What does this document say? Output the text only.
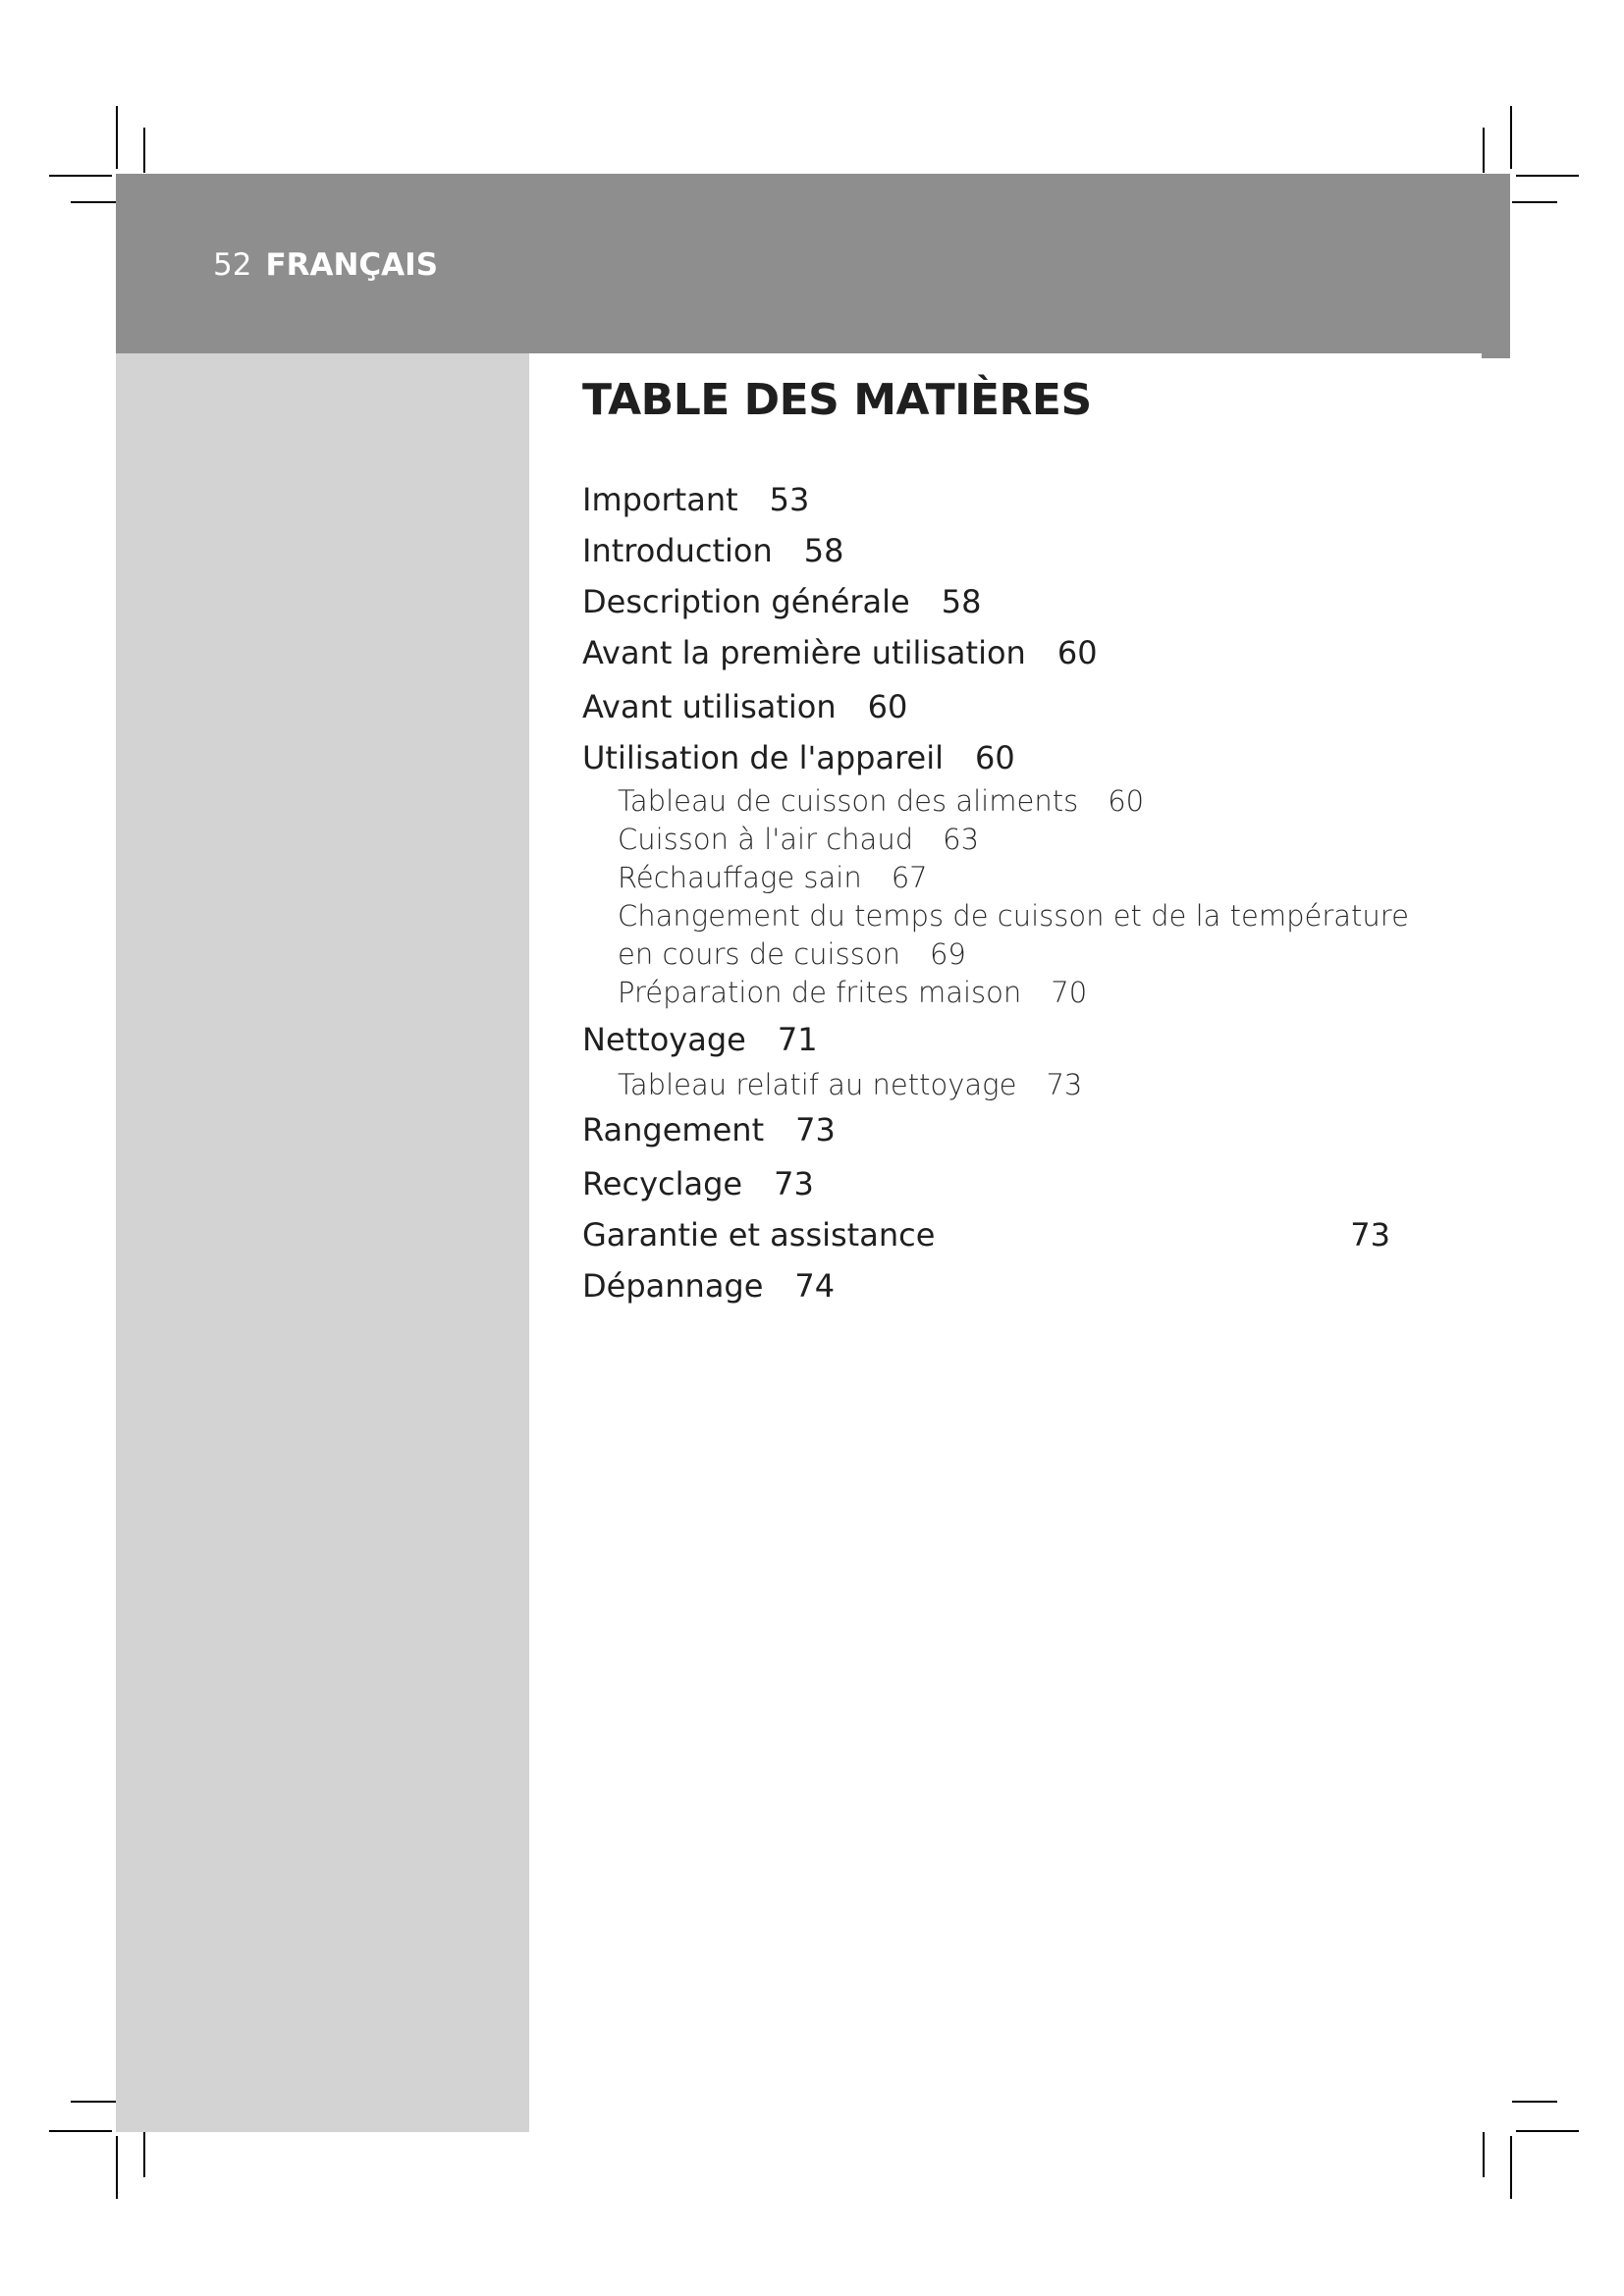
52 FRANÇAIS
TABLE DES MATIÈRES
Important 53
Introduction 58
Description générale 58
Avant la première utilisation 60
Avant utilisation 60
Utilisation de l'appareil 60
Tableau de cuisson des aliments 60
Cuisson à l'air chaud 63
Réchauffage sain 67
Changement du temps de cuisson et de la température
en cours de cuisson 69
Préparation de frites maison 70
Nettoyage 71
Tableau relatif au nettoyage 73
Rangement 73
Recyclage 73
Garantie et assistance	73
Dépannage 74
